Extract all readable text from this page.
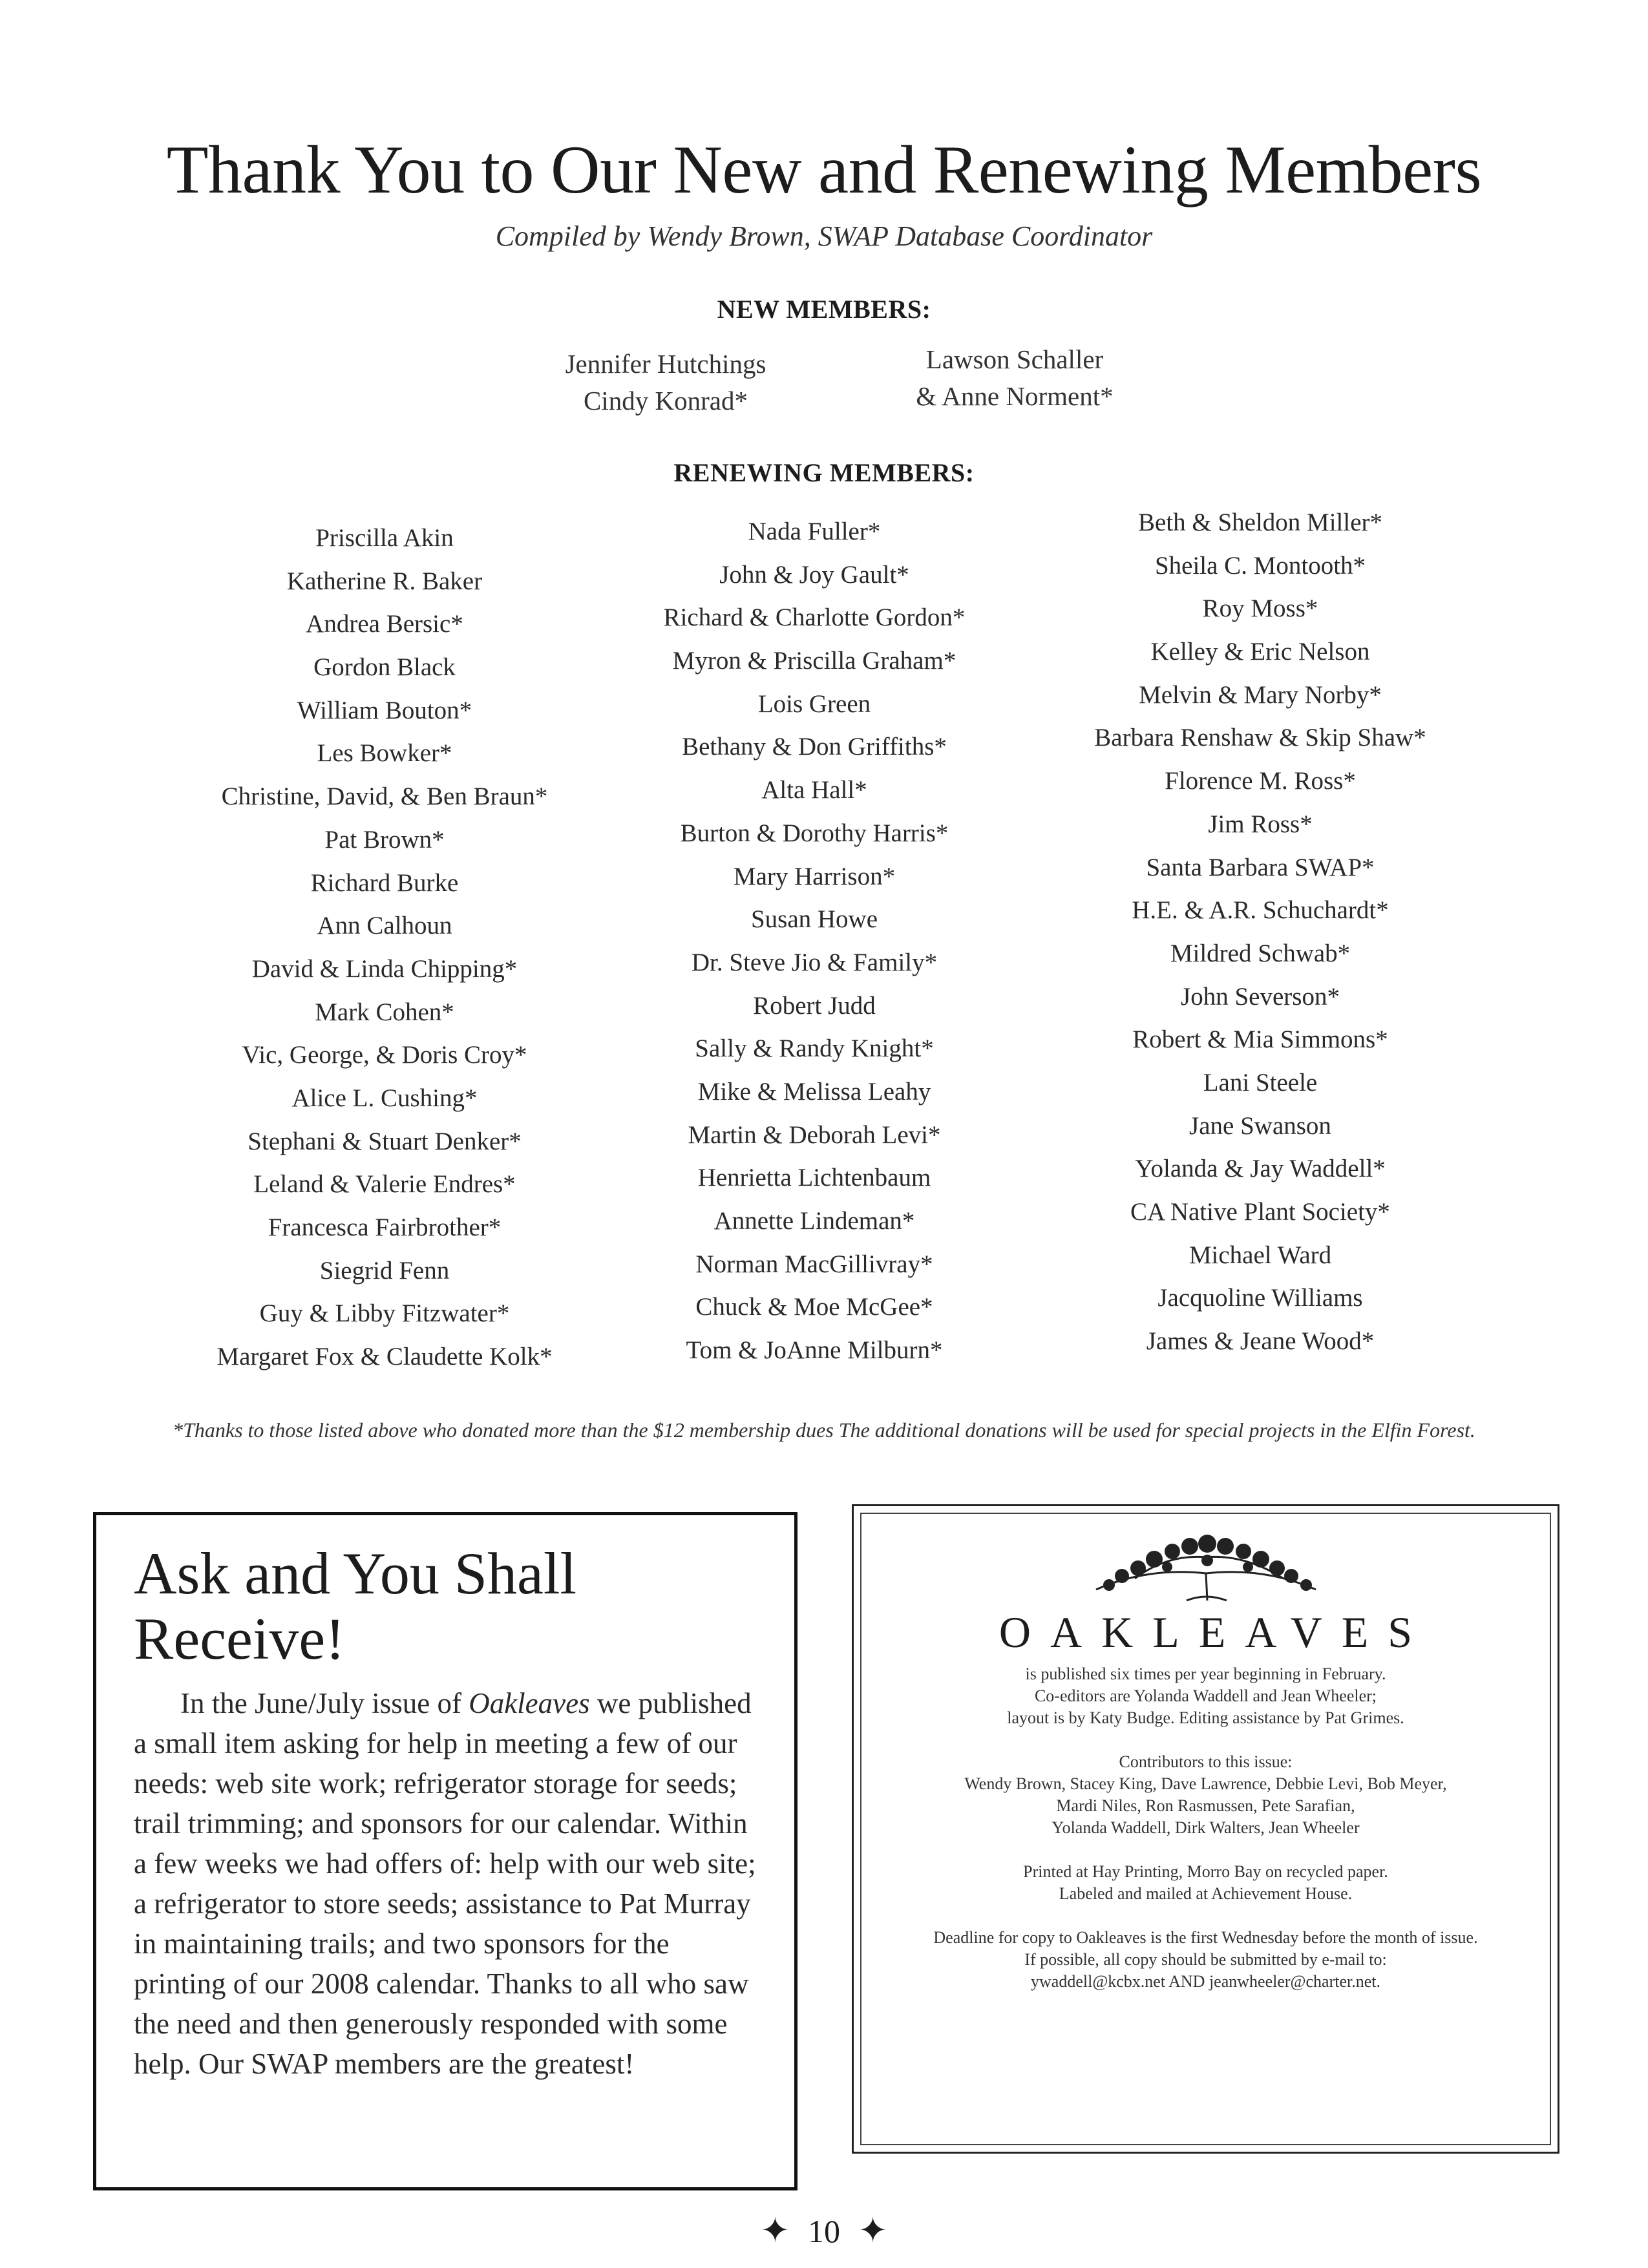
Thank You to Our New and Renewing Members
Compiled by Wendy Brown, SWAP Database Coordinator
NEW MEMBERS:
Jennifer Hutchings
Cindy Konrad*
Lawson Schaller
& Anne Norment*
RENEWING MEMBERS:
Priscilla Akin
Katherine R. Baker
Andrea Bersic*
Gordon Black
William Bouton*
Les Bowker*
Christine, David, & Ben Braun*
Pat Brown*
Richard Burke
Ann Calhoun
David & Linda Chipping*
Mark Cohen*
Vic, George, & Doris Croy*
Alice L. Cushing*
Stephani & Stuart Denker*
Leland & Valerie Endres*
Francesca Fairbrother*
Siegrid Fenn
Guy & Libby Fitzwater*
Margaret Fox & Claudette Kolk*
Nada Fuller*
John & Joy Gault*
Richard & Charlotte Gordon*
Myron & Priscilla Graham*
Lois Green
Bethany & Don Griffiths*
Alta Hall*
Burton & Dorothy Harris*
Mary Harrison*
Susan Howe
Dr. Steve Jio & Family*
Robert Judd
Sally & Randy Knight*
Mike & Melissa Leahy
Martin & Deborah Levi*
Henrietta Lichtenbaum
Annette Lindeman*
Norman MacGillivray*
Chuck & Moe McGee*
Tom & JoAnne Milburn*
Beth & Sheldon Miller*
Sheila C. Montooth*
Roy Moss*
Kelley & Eric Nelson
Melvin & Mary Norby*
Barbara Renshaw & Skip Shaw*
Florence M. Ross*
Jim Ross*
Santa Barbara SWAP*
H.E. & A.R. Schuchardt*
Mildred Schwab*
John Severson*
Robert & Mia Simmons*
Lani Steele
Jane Swanson
Yolanda & Jay Waddell*
CA Native Plant Society*
Michael Ward
Jacquoline Williams
James & Jeane Wood*
*Thanks to those listed above who donated more than the $12 membership dues The additional donations will be used for special projects in the Elfin Forest.
Ask and You Shall Receive!

In the June/July issue of Oakleaves we published a small item asking for help in meeting a few of our needs: web site work; refrigerator storage for seeds; trail trimming; and sponsors for our calendar. Within a few weeks we had offers of: help with our web site; a refrigerator to store seeds; assistance to Pat Murray in maintaining trails; and two sponsors for the printing of our 2008 calendar. Thanks to all who saw the need and then generously responded with some help. Our SWAP members are the greatest!

OAKLEAVES
is published six times per year beginning in February.
Co-editors are Yolanda Waddell and Jean Wheeler;
layout is by Katy Budge. Editing assistance by Pat Grimes.
Contributors to this issue:
Wendy Brown, Stacey King, Dave Lawrence, Debbie Levi, Bob Meyer,
Mardi Niles, Ron Rasmussen, Pete Sarafian,
Yolanda Waddell, Dirk Walters, Jean Wheeler
Printed at Hay Printing, Morro Bay on recycled paper.
Labeled and mailed at Achievement House.
Deadline for copy to Oakleaves is the first Wednesday before the month of issue.
If possible, all copy should be submitted by e-mail to:
ywaddell@kcbx.net AND jeanwheeler@charter.net.
✦ 10 ✦
